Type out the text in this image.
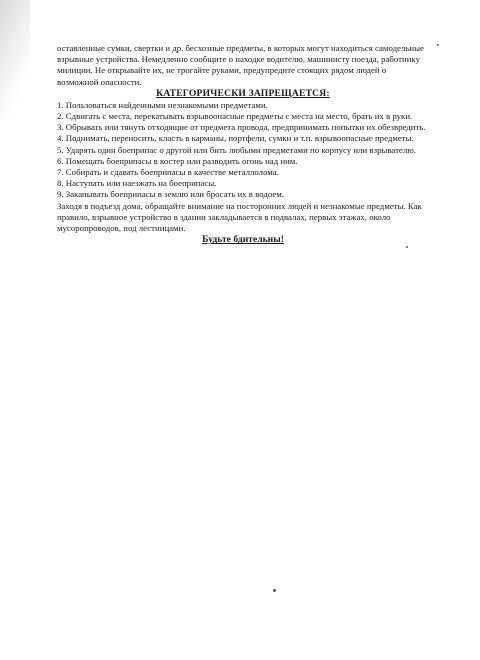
оставленные сумки, свертки и др. бесхозные предметы, в которых могут находиться самодельные взрывные устройства. Немедленно сообщите о находке водителю, машинисту поезда, работнику милиции. Не открывайте их, не трогайте руками, предупредите стоящих рядом людей о возможной опасности.

КАТЕГОРИЧЕСКИ ЗАПРЕЩАЕТСЯ:

1. Пользоваться найденными незнакомыми предметами.

2. Сдвигать с места, перекатывать взрывоопасные предметы с места на место, брать их в руки.

3. Обрывать или тянуть отходящие от предмета провода, предпринимать попытки их обезвредить.

4. Поднимать, переносить, класть в карманы, портфели, сумки и т.п. взрывоопасные предметы.

5. Ударять один боеприпас о другой или бить любыми предметами по корпусу или взрывателю.

6. Помещать боеприпасы в костер или разводить огонь над ним.

7. Собирать и сдавать боеприпасы в качестве металлолома.

8. Наступать или наезжать на боеприпасы.

9. Закапывать боеприпасы в землю или бросать их в водоем.

Заходя в подъезд дома, обращайте внимание на посторонних людей и незнакомые предметы. Как правило, взрывное устройство в здании закладывается в подвалах, первых этажах, около мусоропроводов, под лестницами.

Будьте бдительны!
